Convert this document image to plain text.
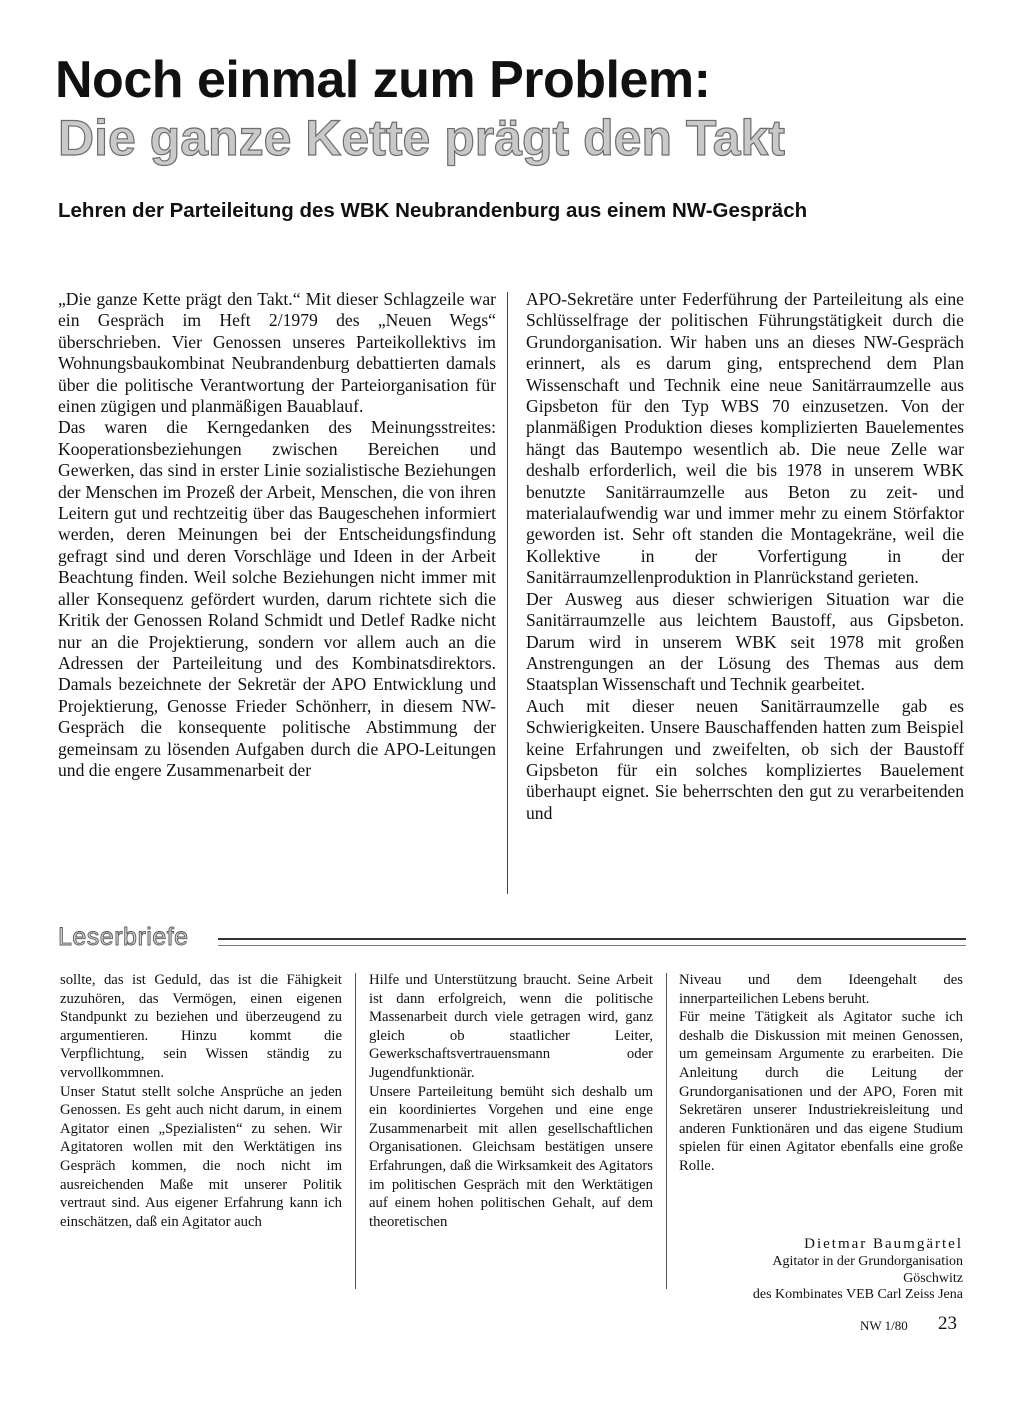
Noch einmal zum Problem:
Die ganze Kette prägt den Takt
Lehren der Parteileitung des WBK Neubrandenburg aus einem NW-Gespräch

„Die ganze Kette prägt den Takt.“ Mit dieser Schlagzeile war ein Gespräch im Heft 2/1979 des „Neuen Wegs“ überschrieben. Vier Genossen unseres Parteikollektivs im Wohnungsbaukombinat Neubrandenburg debattierten damals über die politische Verantwortung der Parteiorganisation für einen zügigen und planmäßigen Bauablauf.

Das waren die Kerngedanken des Meinungsstreites: Kooperationsbeziehungen zwischen Bereichen und Gewerken, das sind in erster Linie sozialistische Beziehungen der Menschen im Prozeß der Arbeit, Menschen, die von ihren Leitern gut und rechtzeitig über das Baugeschehen informiert werden, deren Meinungen bei der Entscheidungsfindung gefragt sind und deren Vorschläge und Ideen in der Arbeit Beachtung finden. Weil solche Beziehungen nicht immer mit aller Konsequenz gefördert wurden, darum richtete sich die Kritik der Genossen Roland Schmidt und Detlef Radke nicht nur an die Projektierung, sondern vor allem auch an die Adressen der Parteileitung und des Kombinatsdirektors. Damals bezeichnete der Sekretär der APO Entwicklung und Projektierung, Genosse Frieder Schönherr, in diesem NW-Gespräch die konsequente politische Abstimmung der gemeinsam zu lösenden Aufgaben durch die APO-Leitungen und die engere Zusammenarbeit der

APO-Sekretäre unter Federführung der Parteileitung als eine Schlüsselfrage der politischen Führungstätigkeit durch die Grundorganisation. Wir haben uns an dieses NW-Gespräch erinnert, als es darum ging, entsprechend dem Plan Wissenschaft und Technik eine neue Sanitärraumzelle aus Gipsbeton für den Typ WBS 70 einzusetzen. Von der planmäßigen Produktion dieses komplizierten Bauelementes hängt das Bautempo wesentlich ab. Die neue Zelle war deshalb erforderlich, weil die bis 1978 in unserem WBK benutzte Sanitärraumzelle aus Beton zu zeit- und materialaufwendig war und immer mehr zu einem Störfaktor geworden ist. Sehr oft standen die Montagekräne, weil die Kollektive in der Vorfertigung in der Sanitärraumzellenproduktion in Planrückstand gerieten.

Der Ausweg aus dieser schwierigen Situation war die Sanitärraumzelle aus leichtem Baustoff, aus Gipsbeton. Darum wird in unserem WBK seit 1978 mit großen Anstrengungen an der Lösung des Themas aus dem Staatsplan Wissenschaft und Technik gearbeitet.

Auch mit dieser neuen Sanitärraumzelle gab es Schwierigkeiten. Unsere Bauschaffenden hatten zum Beispiel keine Erfahrungen und zweifelten, ob sich der Baustoff Gipsbeton für ein solches kompliziertes Bauelement überhaupt eignet. Sie beherrschten den gut zu verarbeitenden und

Leserbriefe

sollte, das ist Geduld, das ist die Fähigkeit zuzuhören, das Vermögen, einen eigenen Standpunkt zu beziehen und überzeugend zu argumentieren. Hinzu kommt die Verpflichtung, sein Wissen ständig zu vervollkommnen.

Unser Statut stellt solche Ansprüche an jeden Genossen. Es geht auch nicht darum, in einem Agitator einen „Spezialisten“ zu sehen. Wir Agitatoren wollen mit den Werktätigen ins Gespräch kommen, die noch nicht im ausreichenden Maße mit unserer Politik vertraut sind. Aus eigener Erfahrung kann ich einschätzen, daß ein Agitator auch

Hilfe und Unterstützung braucht. Seine Arbeit ist dann erfolgreich, wenn die politische Massenarbeit durch viele getragen wird, ganz gleich ob staatlicher Leiter, Gewerkschaftsvertrauensmann oder Jugendfunktionär.

Unsere Parteileitung bemüht sich deshalb um ein koordiniertes Vorgehen und eine enge Zusammenarbeit mit allen gesellschaftlichen Organisationen. Gleichsam bestätigen unsere Erfahrungen, daß die Wirksamkeit des Agitators im politischen Gespräch mit den Werktätigen auf einem hohen politischen Gehalt, auf dem theoretischen

Niveau und dem Ideengehalt des innerparteilichen Lebens beruht.

Für meine Tätigkeit als Agitator suche ich deshalb die Diskussion mit meinen Genossen, um gemeinsam Argumente zu erarbeiten. Die Anleitung durch die Leitung der Grundorganisationen und der APO, Foren mit Sekretären unserer Industriekreisleitung und anderen Funktionären und das eigene Studium spielen für einen Agitator ebenfalls eine große Rolle.

Dietmar Baumgärtel
Agitator in der Grundorganisation
Göschwitz
des Kombinates VEB Carl Zeiss Jena
NW 1/80 23
